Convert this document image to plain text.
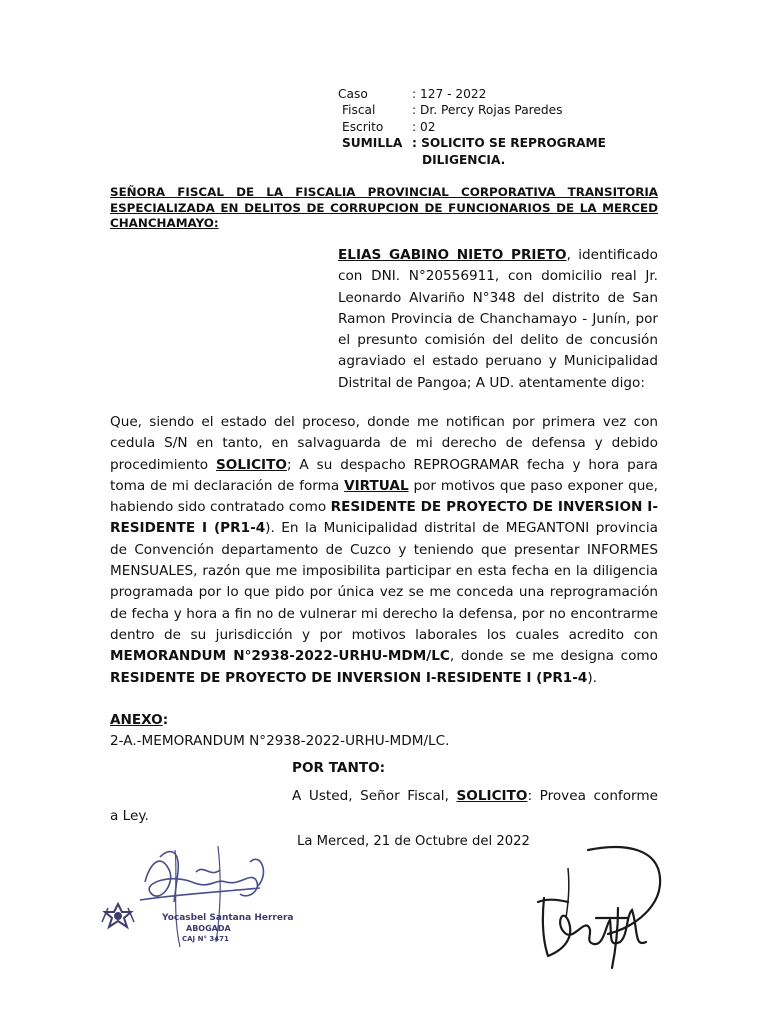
Caso	: 127 - 2022
Fiscal	: Dr. Percy Rojas Paredes
Escrito	: 02
SUMILLA : SOLICITO SE REPROGRAME
DILIGENCIA.
SEÑORA FISCAL DE LA FISCALIA PROVINCIAL CORPORATIVA TRANSITORIA ESPECIALIZADA EN DELITOS DE CORRUPCION DE FUNCIONARIOS DE LA MERCED CHANCHAMAYO:
ELIAS GABINO NIETO PRIETO, identificado con DNI. N°20556911, con domicilio real Jr. Leonardo Alvariño N°348 del distrito de San Ramon Provincia de Chanchamayo - Junín, por el presunto comisión del delito de concusión agraviado el estado peruano y Municipalidad Distrital de Pangoa; A UD. atentamente digo:
Que, siendo el estado del proceso, donde me notifican por primera vez con cedula S/N en tanto, en salvaguarda de mi derecho de defensa y debido procedimiento SOLICITO; A su despacho REPROGRAMAR fecha y hora para toma de mi declaración de forma VIRTUAL por motivos que paso exponer que, habiendo sido contratado como RESIDENTE DE PROYECTO DE INVERSION I-RESIDENTE I (PR1-4). En la Municipalidad distrital de MEGANTONI provincia de Convención departamento de Cuzco y teniendo que presentar INFORMES MENSUALES, razón que me imposibilita participar en esta fecha en la diligencia programada por lo que pido por única vez se me conceda una reprogramación de fecha y hora a fin no de vulnerar mi derecho la defensa, por no encontrarme dentro de su jurisdicción y por motivos laborales los cuales acredito con MEMORANDUM N°2938-2022-URHU-MDM/LC, donde se me designa como RESIDENTE DE PROYECTO DE INVERSION I-RESIDENTE I (PR1-4).
ANEXO:
2-A.-MEMORANDUM N°2938-2022-URHU-MDM/LC.
POR TANTO:
A Usted, Señor Fiscal, SOLICITO: Provea conforme
a Ley.
La Merced, 21 de Octubre del 2022
Yocasbel Santana Herrera
ABOGADA
CAJ N° 3471
